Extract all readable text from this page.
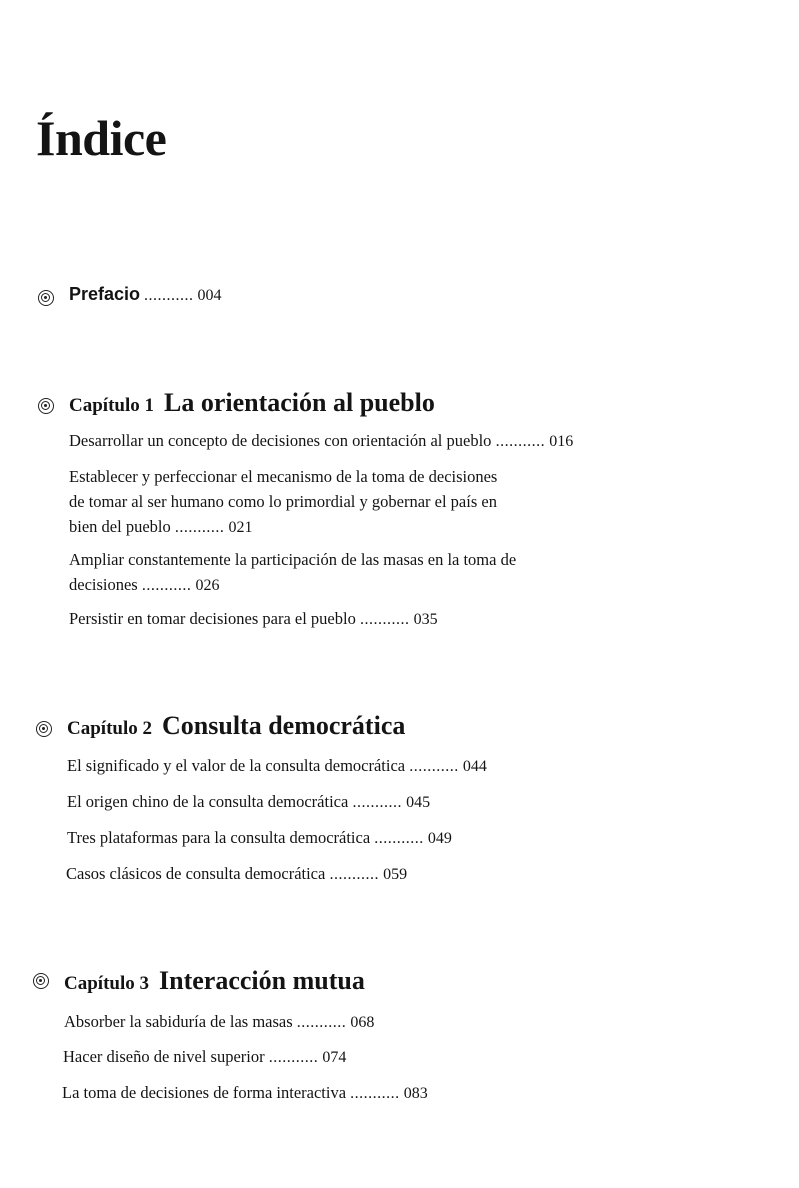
Índice
Prefacio ........... 004
Capítulo 1 La orientación al pueblo
Desarrollar un concepto de decisiones con orientación al pueblo ........... 016
Establecer y perfeccionar el mecanismo de la toma de decisiones
de tomar al ser humano como lo primordial y gobernar el país en
bien del pueblo ........... 021
Ampliar constantemente la participación de las masas en la toma de
decisiones ........... 026
Persistir en tomar decisiones para el pueblo ........... 035
Capítulo 2 Consulta democrática
El significado y el valor de la consulta democrática ........... 044
El origen chino de la consulta democrática ........... 045
Tres plataformas para la consulta democrática ........... 049
Casos clásicos de consulta democrática ........... 059
Capítulo 3 Interacción mutua
Absorber la sabiduría de las masas ........... 068
Hacer diseño de nivel superior ........... 074
La toma de decisiones de forma interactiva ........... 083
